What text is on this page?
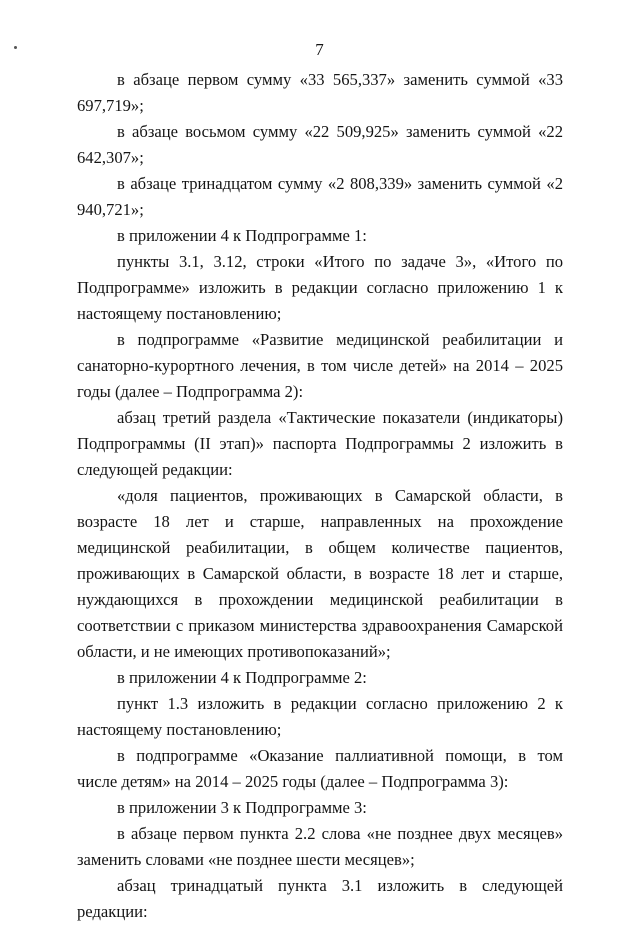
7

в абзаце первом сумму «33 565,337» заменить суммой «33 697,719»;

в абзаце восьмом сумму «22 509,925» заменить суммой «22 642,307»;

в абзаце тринадцатом сумму «2 808,339» заменить суммой «2 940,721»;

в приложении 4 к Подпрограмме 1:

пункты 3.1, 3.12, строки «Итого по задаче 3», «Итого по Подпрограмме» изложить в редакции согласно приложению 1 к настоящему постановлению;

в подпрограмме «Развитие медицинской реабилитации и санаторно-курортного лечения, в том числе детей» на 2014 – 2025 годы (далее – Подпрограмма 2):

абзац третий раздела «Тактические показатели (индикаторы) Подпрограммы (II этап)» паспорта Подпрограммы 2 изложить в следующей редакции:

«доля пациентов, проживающих в Самарской области, в возрасте 18 лет и старше, направленных на прохождение медицинской реабилитации, в общем количестве пациентов, проживающих в Самарской области, в возрасте 18 лет и старше, нуждающихся в прохождении медицинской реабилитации в соответствии с приказом министерства здравоохранения Самарской области, и не имеющих противопоказаний»;

в приложении 4 к Подпрограмме 2:

пункт 1.3 изложить в редакции согласно приложению 2 к настоящему постановлению;

в подпрограмме «Оказание паллиативной помощи, в том числе детям» на 2014 – 2025 годы (далее – Подпрограмма 3):

в приложении 3 к Подпрограмме 3:

в абзаце первом пункта 2.2 слова «не позднее двух месяцев» заменить словами «не позднее шести месяцев»;

абзац тринадцатый пункта 3.1 изложить в следующей редакции:
